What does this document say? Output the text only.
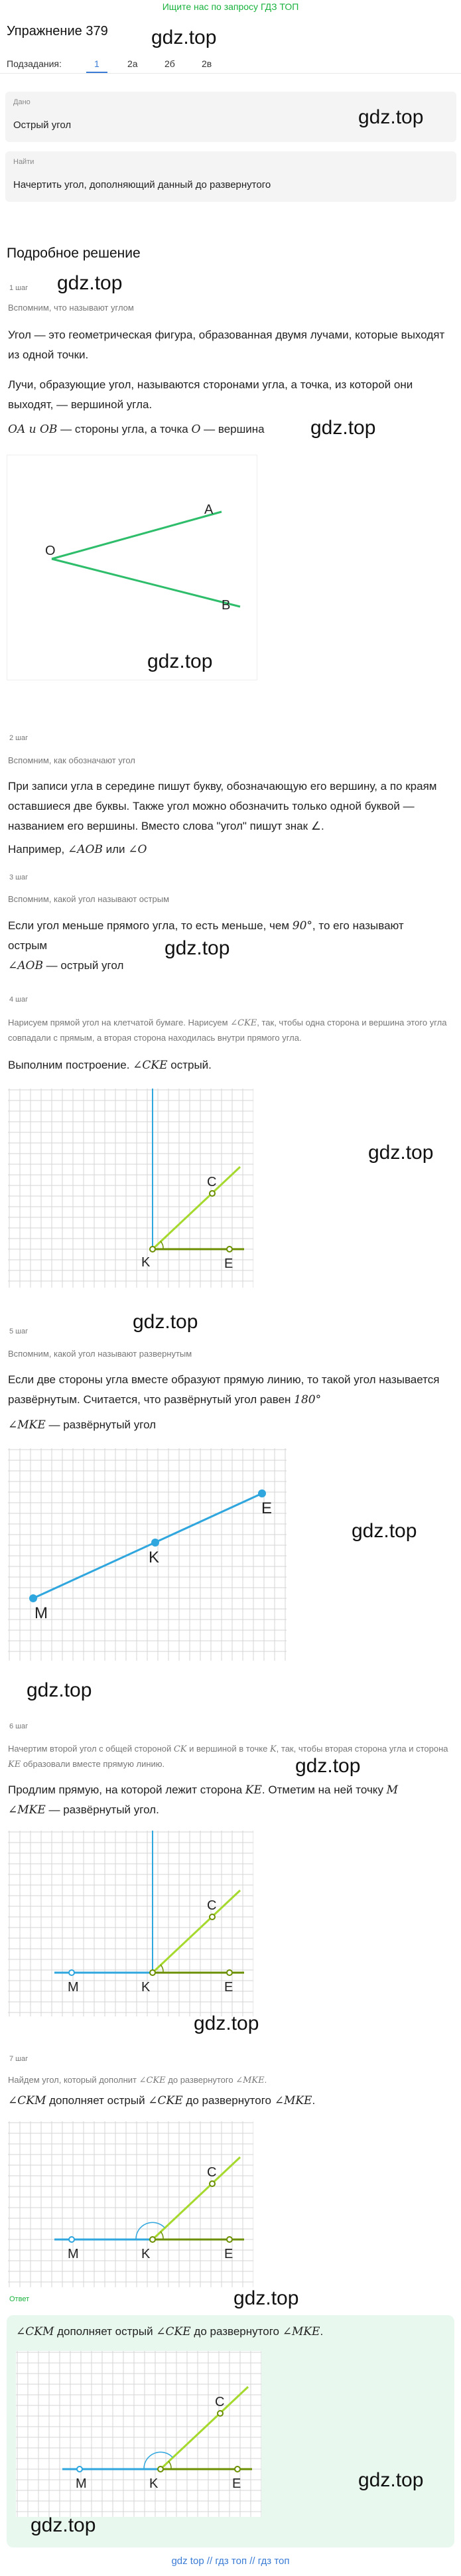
Ищите нас по запросу ГДЗ ТОП
Упражнение 379 gdz.top
Подзадания:	1	2а	2б	2в
Дано
Острый угол	gdz.top
Найти
Начертить угол, дополняющий данный до развернутого
Подробное решение
1 шаг gdz.top
Вспомним, что называют углом
Угол — это геометрическая фигура, образованная двумя лучами, которые выходят из одной точки.
Лучи, образующие угол, называются сторонами угла, а точка, из которой они выходят, — вершиной угла.
OA и OB — стороны угла, а точка O — вершина	gdz.top
O
A
B
gdz.top
2 шаг
Вспомним, как обозначают угол
При записи угла в середине пишут букву, обозначающую его вершину, а по краям оставшиеся две буквы. Также угол можно обозначить только одной буквой — названием его вершины. Вместо слова "угол" пишут знак ∠.
Например, ∠AOB или ∠O
3 шаг
Вспомним, какой угол называют острым
Если угол меньше прямого угла, то есть меньше, чем 90°, то его называют острым
∠AOB — острый угол
gdz.top
4 шаг
Нарисуем прямой угол на клетчатой бумаге. Нарисуем ∠CKE, так, чтобы одна сторона и вершина этого угла совпадали с прямым, а вторая сторона находилась внутри прямого угла.
Выполним построение. ∠CKE острый.
K
C
E
gdz.top
gdz.top
5 шаг
Вспомним, какой угол называют развернутым
Если две стороны угла вместе образуют прямую линию, то такой угол называется развёрнутым. Считается, что развёрнутый угол равен 180°
∠MKE — развёрнутый угол
M
K
E
gdz.top
gdz.top
6 шаг
Начертим второй угол с общей стороной CK и вершиной в точке K, так, чтобы вторая сторона угла и сторона KE образовали вместе прямую линию.	gdz.top
Продлим прямую, на которой лежит сторона KE. Отметим на ней точку M
∠MKE — развёрнутый угол.
M	K
C
E
gdz.top
7 шаг
Найдем угол, который дополнит ∠CKE до развернутого ∠MKE.
∠CKM дополняет острый ∠CKE до развернутого ∠MKE.
M	K
C
E
gdz.top
Ответ
∠CKM дополняет острый ∠CKE до развернутого ∠MKE.
M	K
C
E	gdz.top
gdz.top
gdz top // гдз топ // гдз топ
